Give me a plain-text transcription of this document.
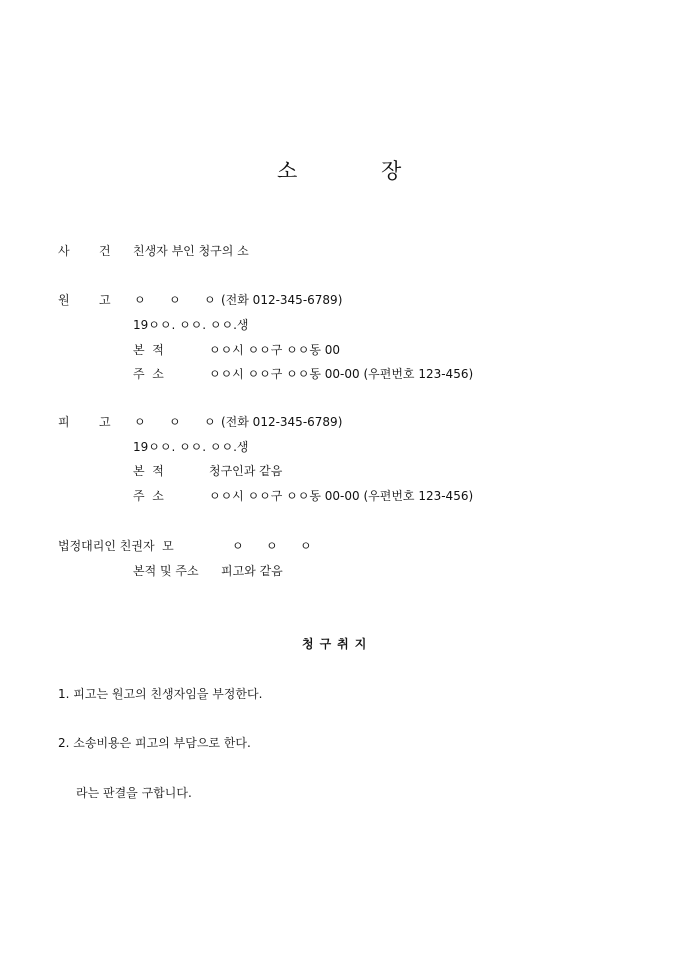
소	장
사 건 친생자 부인 청구의 소
원 고 ㅇ ㅇ ㅇ (전화 012-345-6789)
19ㅇㅇ. ㅇㅇ. ㅇㅇ.생
본  적	ㅇㅇ시 ㅇㅇ구 ㅇㅇ동 00
주  소	ㅇㅇ시 ㅇㅇ구 ㅇㅇ동 00-00 (우편번호 123-456)
피 고 ㅇ ㅇ ㅇ (전화 012-345-6789)
19ㅇㅇ. ㅇㅇ. ㅇㅇ.생
본  적	청구인과 같음
주  소	ㅇㅇ시 ㅇㅇ구 ㅇㅇ동 00-00 (우편번호 123-456)
법정대리인 친권자  모	ㅇ ㅇ ㅇ
본적 및 주소 피고와 같음
청구취지
1. 피고는 원고의 친생자임을 부정한다.
2. 소송비용은 피고의 부담으로 한다.
라는 판결을 구합니다.
